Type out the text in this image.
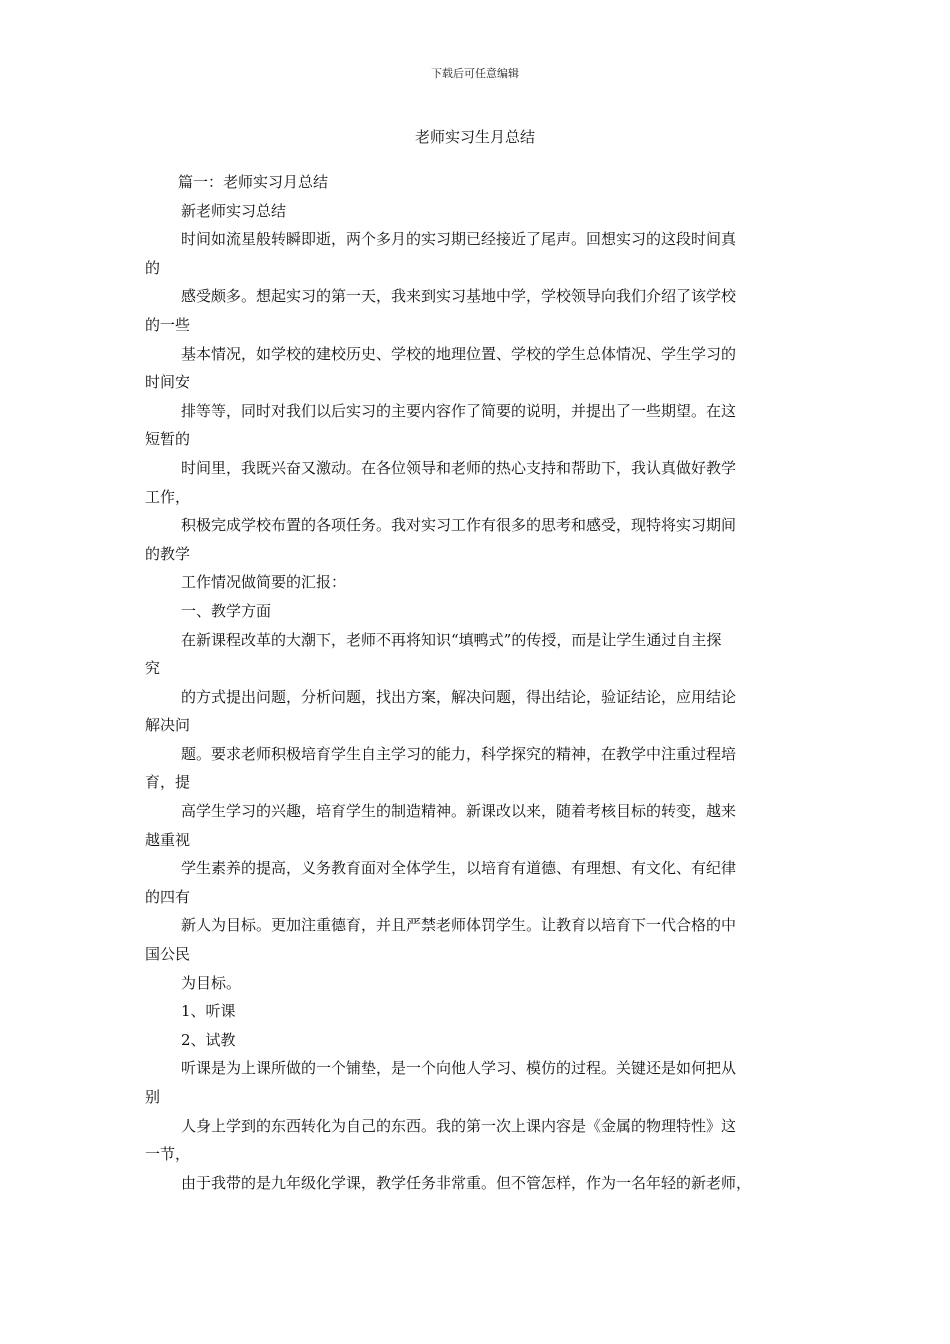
下载后可任意编辑
老师实习生月总结
篇一：老师实习月总结
新老师实习总结
时间如流星般转瞬即逝，两个多月的实习期已经接近了尾声。回想实习的这段时间真
的
感受颇多。想起实习的第一天，我来到实习基地中学，学校领导向我们介绍了该学校
的一些
基本情况，如学校的建校历史、学校的地理位置、学校的学生总体情况、学生学习的
时间安
排等等，同时对我们以后实习的主要内容作了简要的说明，并提出了一些期望。在这
短暂的
时间里，我既兴奋又激动。在各位领导和老师的热心支持和帮助下，我认真做好教学
工作，
积极完成学校布置的各项任务。我对实习工作有很多的思考和感受，现特将实习期间
的教学
工作情况做简要的汇报：
一、教学方面
在新课程改革的大潮下，老师不再将知识“填鸭式”的传授，而是让学生通过自主探
究
的方式提出问题，分析问题，找出方案，解决问题，得出结论，验证结论，应用结论
解决问
题。要求老师积极培育学生自主学习的能力，科学探究的精神，在教学中注重过程培
育，提
高学生学习的兴趣，培育学生的制造精神。新课改以来，随着考核目标的转变，越来
越重视
学生素养的提高，义务教育面对全体学生，以培育有道德、有理想、有文化、有纪律
的四有
新人为目标。更加注重德育，并且严禁老师体罚学生。让教育以培育下一代合格的中
国公民
为目标。
1、听课
2、试教
听课是为上课所做的一个铺垫，是一个向他人学习、模仿的过程。关键还是如何把从
别
人身上学到的东西转化为自己的东西。我的第一次上课内容是《金属的物理特性》这
一节，
由于我带的是九年级化学课，教学任务非常重。但不管怎样，作为一名年轻的新老师，
